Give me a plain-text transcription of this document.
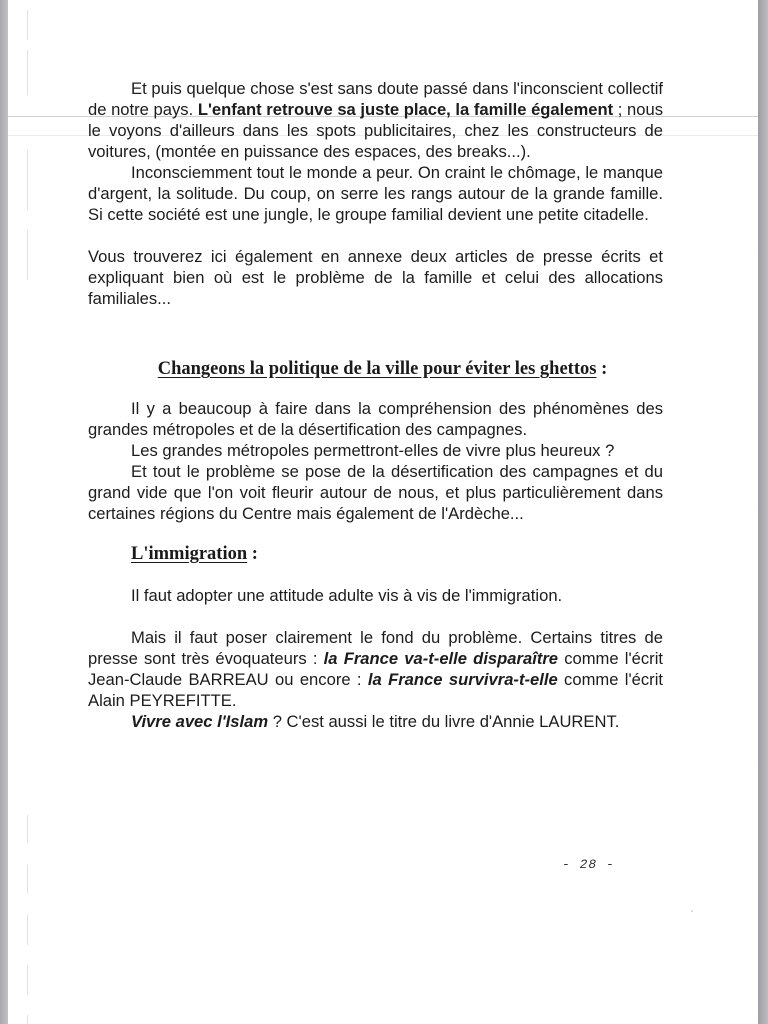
Et puis quelque chose s'est sans doute passé dans l'inconscient collectif de notre pays. L'enfant retrouve sa juste place, la famille également ; nous le voyons d'ailleurs dans les spots publicitaires, chez les constructeurs de voitures, (montée en puissance des espaces, des breaks...).

Inconsciemment tout le monde a peur. On craint le chômage, le manque d'argent, la solitude. Du coup, on serre les rangs autour de la grande famille. Si cette société est une jungle, le groupe familial devient une petite citadelle.

Vous trouverez ici également en annexe deux articles de presse écrits et expliquant bien où est le problème de la famille et celui des allocations familiales...

Changeons la politique de la ville pour éviter les ghettos :

Il y a beaucoup à faire dans la compréhension des phénomènes des grandes métropoles et de la désertification des campagnes.

Les grandes métropoles permettront-elles de vivre plus heureux ?

Et tout le problème se pose de la désertification des campagnes et du grand vide que l'on voit fleurir autour de nous, et plus particulièrement dans certaines régions du Centre mais également de l'Ardèche...

L'immigration :

Il faut adopter une attitude adulte vis à vis de l'immigration.

Mais il faut poser clairement le fond du problème. Certains titres de presse sont très évoquateurs : la France va-t-elle disparaître comme l'écrit Jean-Claude BARREAU ou encore : la France survivra-t-elle comme l'écrit Alain PEYREFITTE.

Vivre avec l'Islam ? C'est aussi le titre du livre d'Annie LAURENT.

- 28 -
